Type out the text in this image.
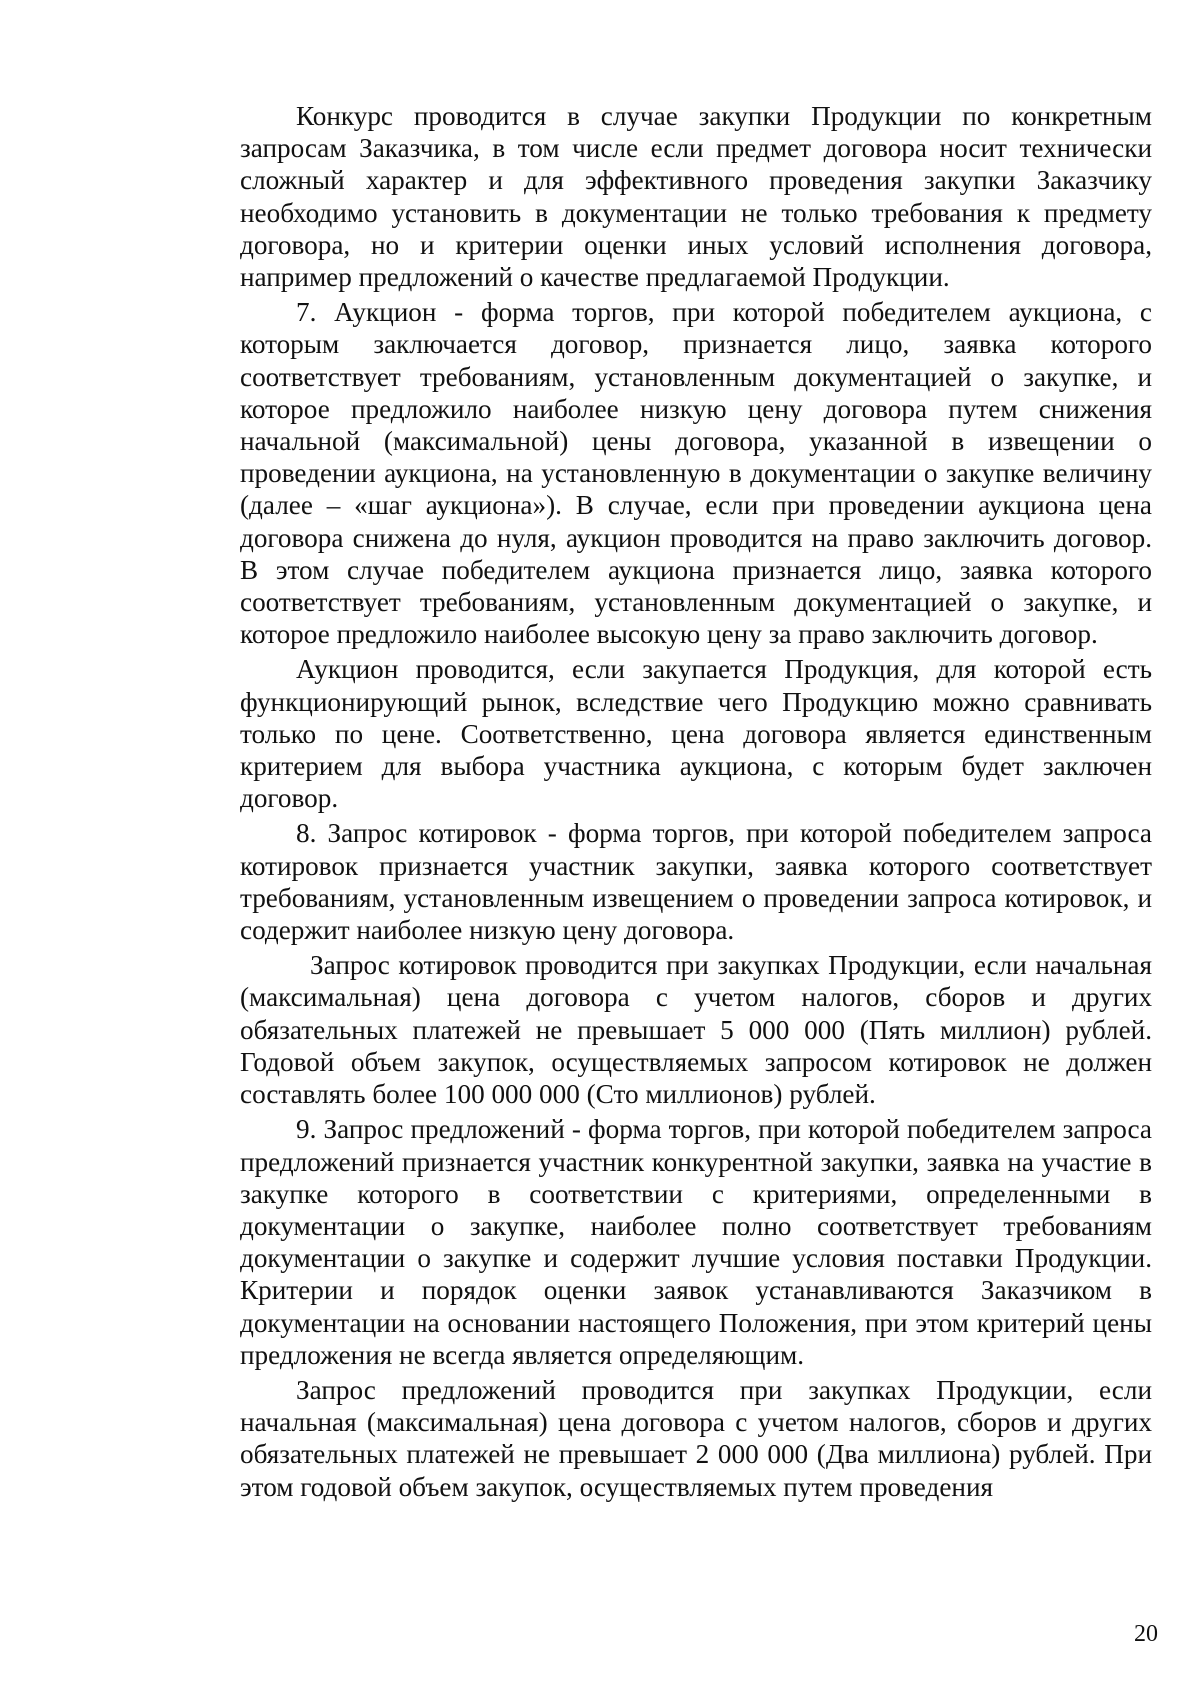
Конкурс проводится в случае закупки Продукции по конкретным запросам Заказчика, в том числе если предмет договора носит технически сложный характер и для эффективного проведения закупки Заказчику необходимо установить в документации не только требования к предмету договора, но и критерии оценки иных условий исполнения договора, например предложений о качестве предлагаемой Продукции.

7. Аукцион - форма торгов, при которой победителем аукциона, с которым заключается договор, признается лицо, заявка которого соответствует требованиям, установленным документацией о закупке, и которое предложило наиболее низкую цену договора путем снижения начальной (максимальной) цены договора, указанной в извещении о проведении аукциона, на установленную в документации о закупке величину (далее – «шаг аукциона»). В случае, если при проведении аукциона цена договора снижена до нуля, аукцион проводится на право заключить договор. В этом случае победителем аукциона признается лицо, заявка которого соответствует требованиям, установленным документацией о закупке, и которое предложило наиболее высокую цену за право заключить договор.

Аукцион проводится, если закупается Продукция, для которой есть функционирующий рынок, вследствие чего Продукцию можно сравнивать только по цене. Соответственно, цена договора является единственным критерием для выбора участника аукциона, с которым будет заключен договор.

8. Запрос котировок - форма торгов, при которой победителем запроса котировок признается участник закупки, заявка которого соответствует требованиям, установленным извещением о проведении запроса котировок, и содержит наиболее низкую цену договора.

Запрос котировок проводится при закупках Продукции, если начальная (максимальная) цена договора с учетом налогов, сборов и других обязательных платежей не превышает 5 000 000 (Пять миллион) рублей. Годовой объем закупок, осуществляемых запросом котировок не должен составлять более 100 000 000 (Сто миллионов) рублей.

9. Запрос предложений - форма торгов, при которой победителем запроса предложений признается участник конкурентной закупки, заявка на участие в закупке которого в соответствии с критериями, определенными в документации о закупке, наиболее полно соответствует требованиям документации о закупке и содержит лучшие условия поставки Продукции. Критерии и порядок оценки заявок устанавливаются Заказчиком в документации на основании настоящего Положения, при этом критерий цены предложения не всегда является определяющим.

Запрос предложений проводится при закупках Продукции, если начальная (максимальная) цена договора с учетом налогов, сборов и других обязательных платежей не превышает 2 000 000 (Два миллиона) рублей. При этом годовой объем закупок, осуществляемых путем проведения

20
